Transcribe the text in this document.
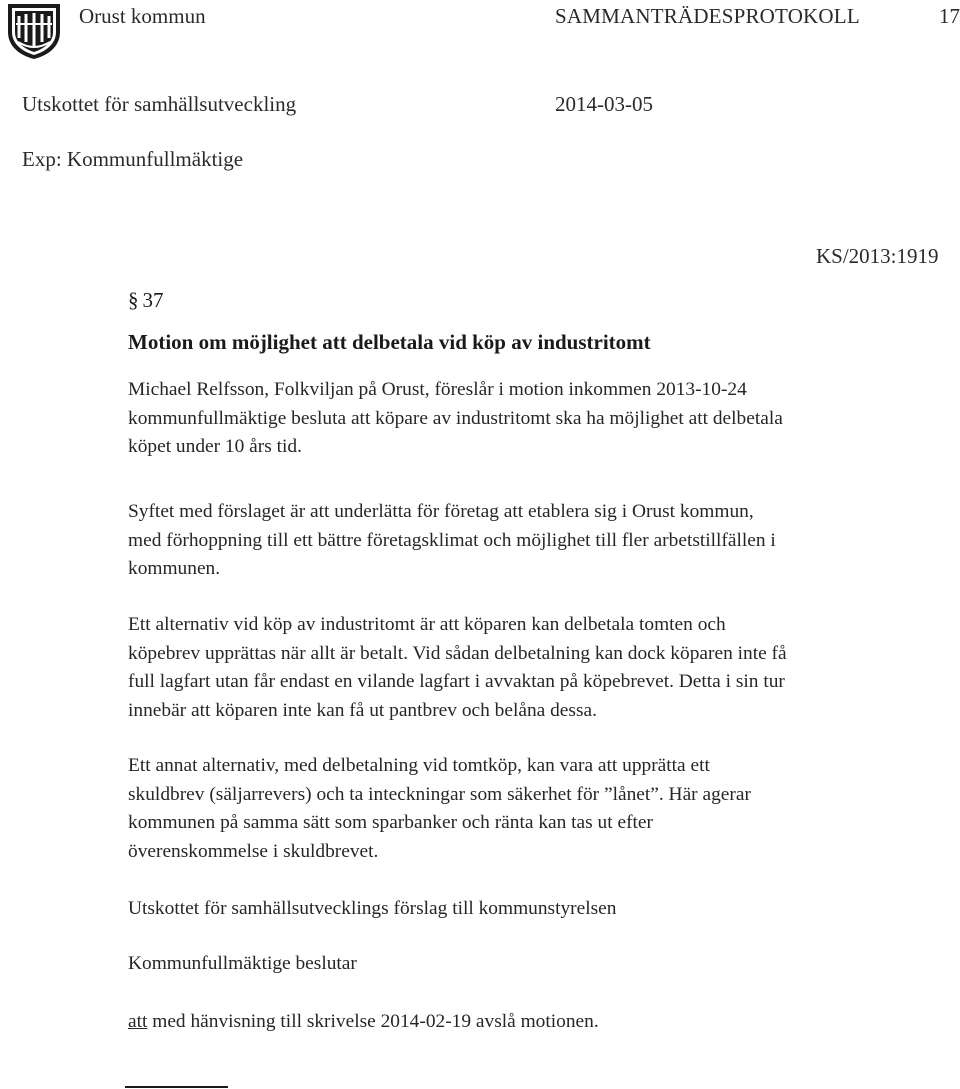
Orust kommun	SAMMANTRÄDESPROTOKOLL	17
Utskottet för samhällsutveckling	2014-03-05
Exp: Kommunfullmäktige
KS/2013:1919
§ 37
Motion om möjlighet att delbetala vid köp av industritomt
Michael Relfsson, Folkviljan på Orust, föreslår i motion inkommen 2013-10-24
kommunfullmäktige besluta att köpare av industritomt ska ha möjlighet att delbetala
köpet under 10 års tid.
Syftet med förslaget är att underlätta för företag att etablera sig i Orust kommun,
med förhoppning till ett bättre företagsklimat och möjlighet till fler arbetstillfällen i
kommunen.
Ett alternativ vid köp av industritomt är att köparen kan delbetala tomten och
köpebrev upprättas när allt är betalt. Vid sådan delbetalning kan dock köparen inte få
full lagfart utan får endast en vilande lagfart i avvaktan på köpebrevet. Detta i sin tur
innebär att köparen inte kan få ut pantbrev och belåna dessa.
Ett annat alternativ, med delbetalning vid tomtköp, kan vara att upprätta ett
skuldbrev (säljarrevers) och ta inteckningar som säkerhet för ”lånet”. Här agerar
kommunen på samma sätt som sparbanker och ränta kan tas ut efter
överenskommelse i skuldbrevet.
Utskottet för samhällsutvecklings förslag till kommunstyrelsen
Kommunfullmäktige beslutar
att med hänvisning till skrivelse 2014-02-19 avslå motionen.
